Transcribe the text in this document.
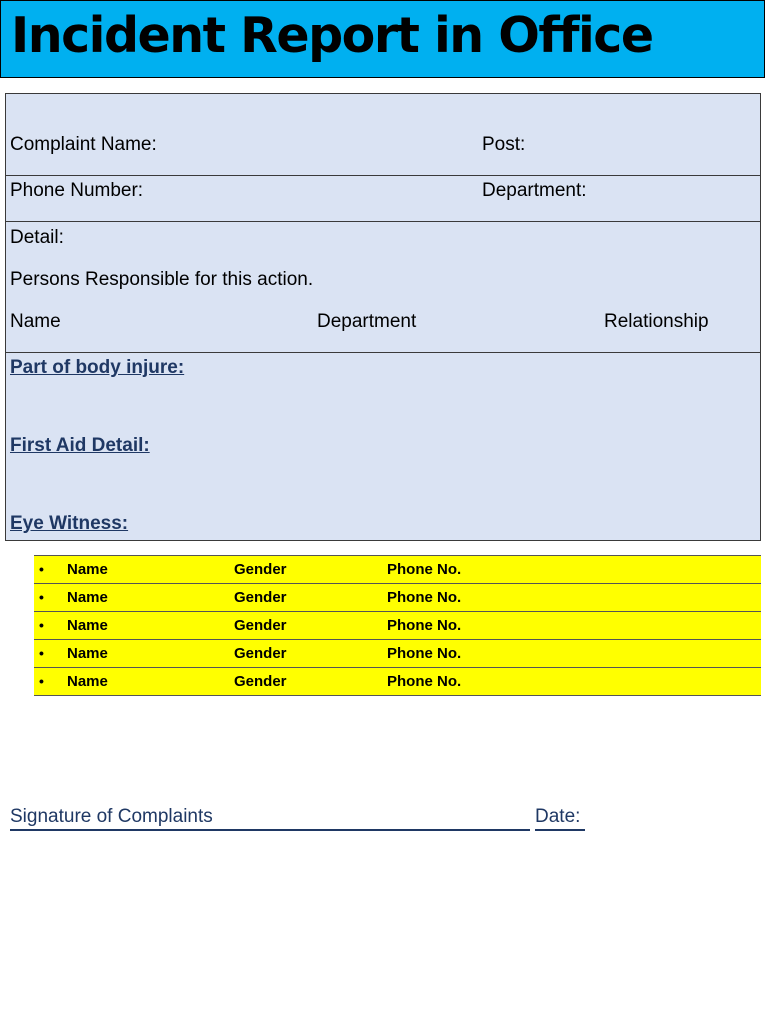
Incident Report in Office
Complaint Name:	Post:
Phone Number:	Department:
Detail:
Persons Responsible for this action.
Name	Department	Relationship
Part of body injure:
First Aid Detail:
Eye Witness:
• Name	Gender	Phone No.
• Name	Gender	Phone No.
• Name	Gender	Phone No.
• Name	Gender	Phone No.
• Name	Gender	Phone No.
Signature of Complaints	Date:
